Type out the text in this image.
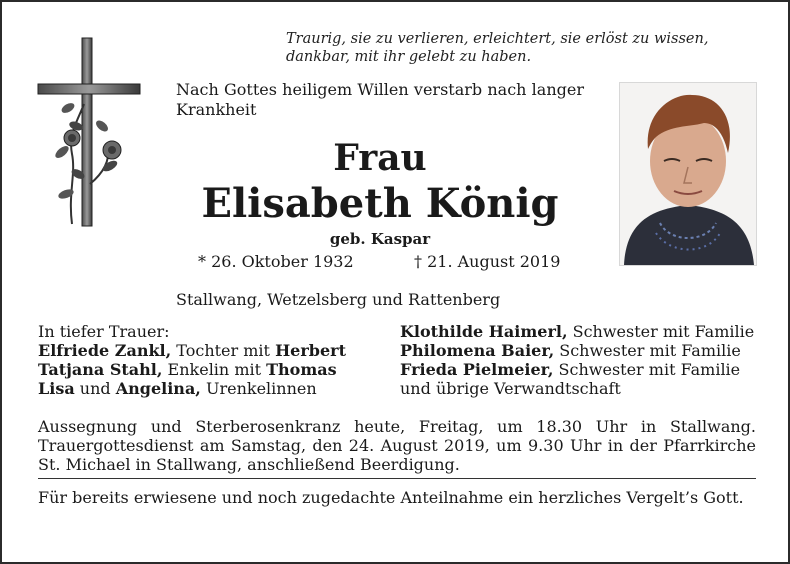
Traurig, sie zu verlieren, erleichtert, sie erlöst zu wissen,
dankbar, mit ihr gelebt zu haben.
Nach Gottes heiligem Willen verstarb nach langer Krankheit
Frau
Elisabeth König
geb. Kaspar
* 26. Oktober 1932	† 21. August 2019
Stallwang, Wetzelsberg und Rattenberg
In tiefer Trauer:
Elfriede Zankl, Tochter mit Herbert
Tatjana Stahl, Enkelin mit Thomas
Lisa und Angelina, Urenkelinnen
Klothilde Haimerl, Schwester mit Familie
Philomena Baier, Schwester mit Familie
Frieda Pielmeier, Schwester mit Familie
und übrige Verwandtschaft
Aussegnung und Sterberosenkranz heute, Freitag, um 18.30 Uhr in Stallwang. Trauergottesdienst am Samstag, den 24. August 2019, um 9.30 Uhr in der Pfarrkirche St. Michael in Stallwang, anschließend Beerdigung.
Für bereits erwiesene und noch zugedachte Anteilnahme ein herzliches Vergelt’s Gott.
